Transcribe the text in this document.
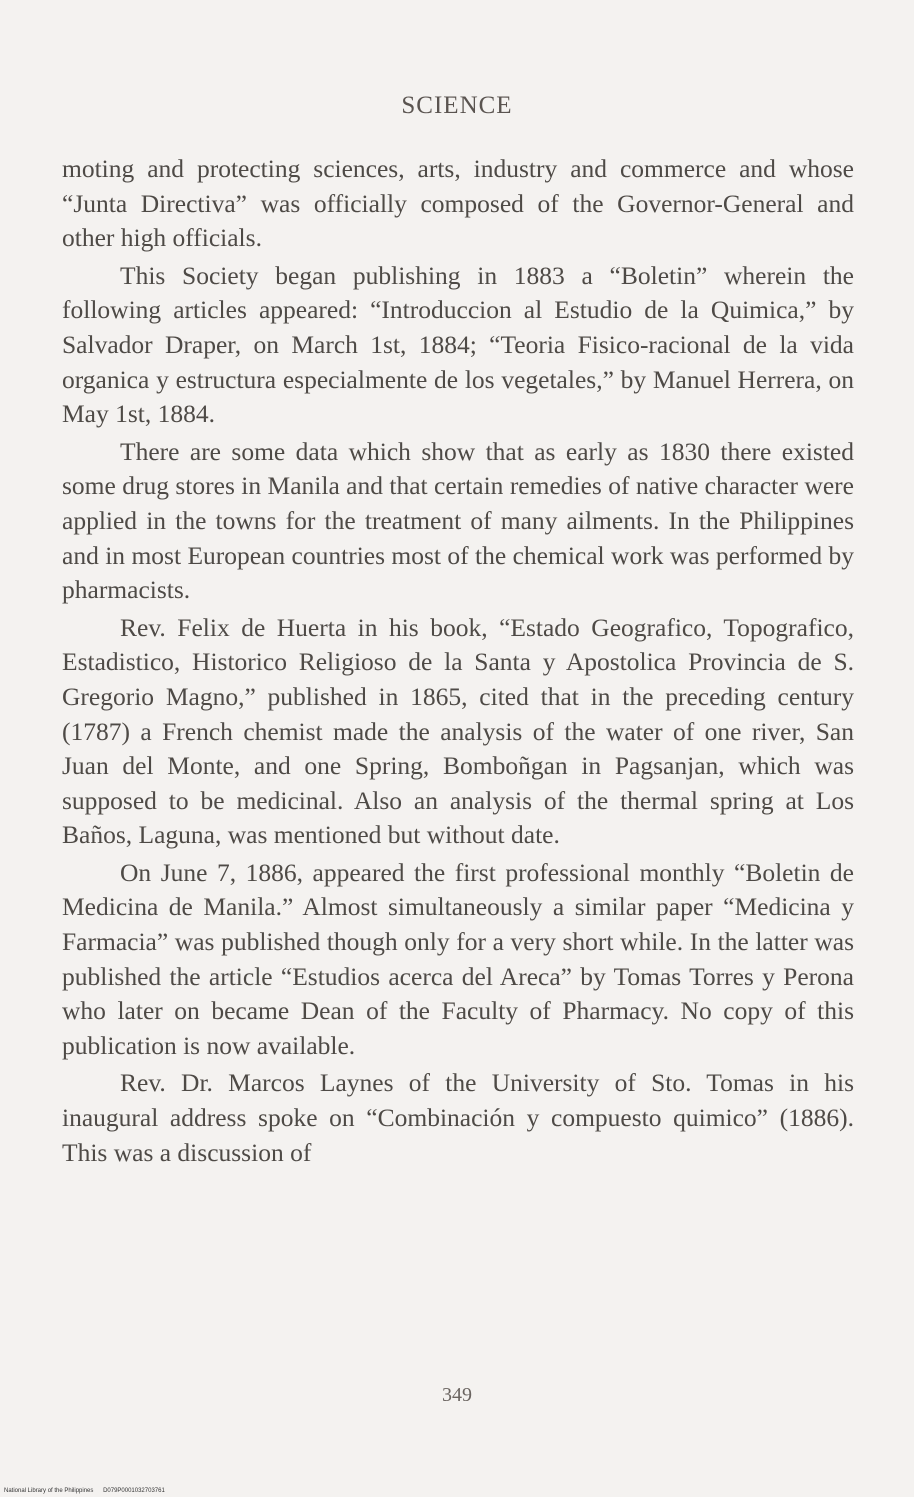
SCIENCE

moting and protecting sciences, arts, industry and commerce and whose “Junta Directiva” was officially composed of the Governor-General and other high officials.

This Society began publishing in 1883 a “Boletin” wherein the following articles appeared: “Introduccion al Estudio de la Quimica,” by Salvador Draper, on March 1st, 1884; “Teoria Fisico-racional de la vida organica y estructura especialmente de los vegetales,” by Manuel Herrera, on May 1st, 1884.

There are some data which show that as early as 1830 there existed some drug stores in Manila and that certain remedies of native character were applied in the towns for the treatment of many ailments. In the Philippines and in most European countries most of the chemical work was performed by pharmacists.

Rev. Felix de Huerta in his book, “Estado Geografico, Topografico, Estadistico, Historico Religioso de la Santa y Apostolica Provincia de S. Gregorio Magno,” published in 1865, cited that in the preceding century (1787) a French chemist made the analysis of the water of one river, San Juan del Monte, and one Spring, Bomboñgan in Pagsanjan, which was supposed to be medicinal. Also an analysis of the thermal spring at Los Baños, Laguna, was mentioned but without date.

On June 7, 1886, appeared the first professional monthly “Boletin de Medicina de Manila.” Almost simultaneously a similar paper “Medicina y Farmacia” was published though only for a very short while. In the latter was published the article “Estudios acerca del Areca” by Tomas Torres y Perona who later on became Dean of the Faculty of Pharmacy. No copy of this publication is now available.

Rev. Dr. Marcos Laynes of the University of Sto. Tomas in his inaugural address spoke on “Combinación y compuesto quimico” (1886). This was a discussion of

349
National Library of the Philippines D079P0001032703761
